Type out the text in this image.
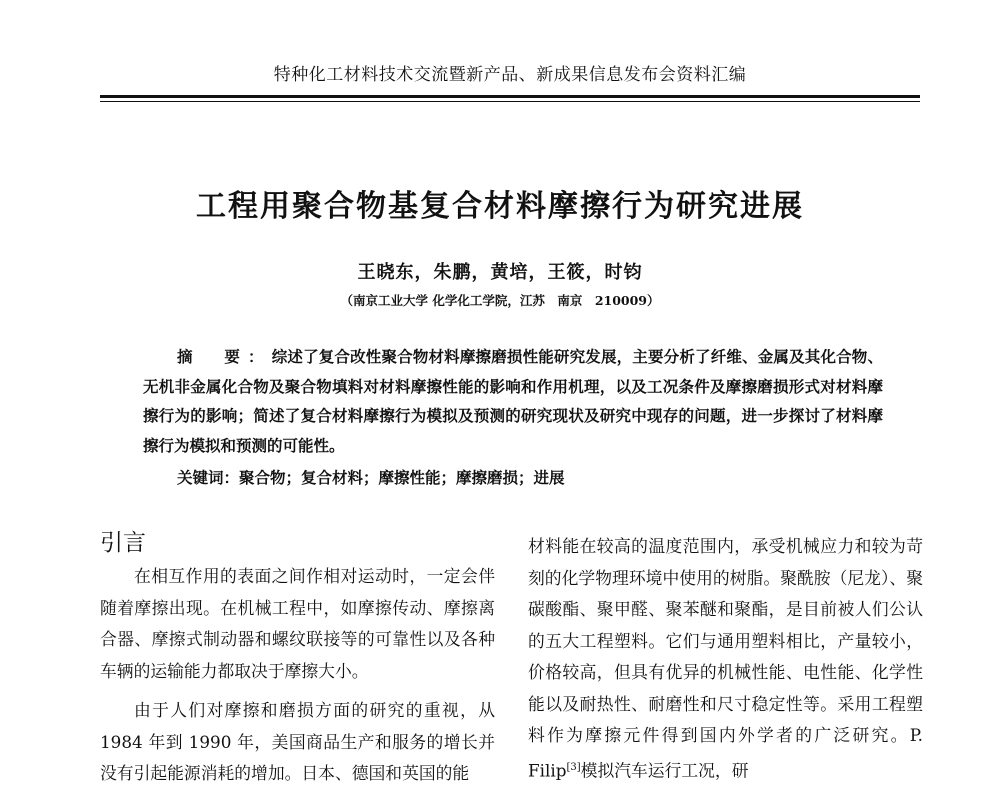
特种化工材料技术交流暨新产品、新成果信息发布会资料汇编
工程用聚合物基复合材料摩擦行为研究进展
王晓东，朱鹏，黄培，王筱，时钧
（南京工业大学 化学化工学院，江苏　南京　210009）
摘　要：综述了复合改性聚合物材料摩擦磨损性能研究发展，主要分析了纤维、金属及其化合物、无机非金属化合物及聚合物填料对材料摩擦性能的影响和作用机理，以及工况条件及摩擦磨损形式对材料摩擦行为的影响；简述了复合材料摩擦行为模拟及预测的研究现状及研究中现存的问题，进一步探讨了材料摩擦行为模拟和预测的可能性。
关键词：聚合物；复合材料；摩擦性能；摩擦磨损；进展
引言

在相互作用的表面之间作相对运动时，一定会伴随着摩擦出现。在机械工程中，如摩擦传动、摩擦离合器、摩擦式制动器和螺纹联接等的可靠性以及各种车辆的运输能力都取决于摩擦大小。

由于人们对摩擦和磨损方面的研究的重视，从1984 年到 1990 年，美国商品生产和服务的增长并没有引起能源消耗的增加。日本、德国和英国的能

材料能在较高的温度范围内，承受机械应力和较为苛刻的化学物理环境中使用的树脂。聚酰胺（尼龙）、聚碳酸酯、聚甲醛、聚苯醚和聚酯，是目前被人们公认的五大工程塑料。它们与通用塑料相比，产量较小，价格较高，但具有优异的机械性能、电性能、化学性能以及耐热性、耐磨性和尺寸稳定性等。采用工程塑料作为摩擦元件得到国内外学者的广泛研究。P. Filip[3]模拟汽车运行工况，研
